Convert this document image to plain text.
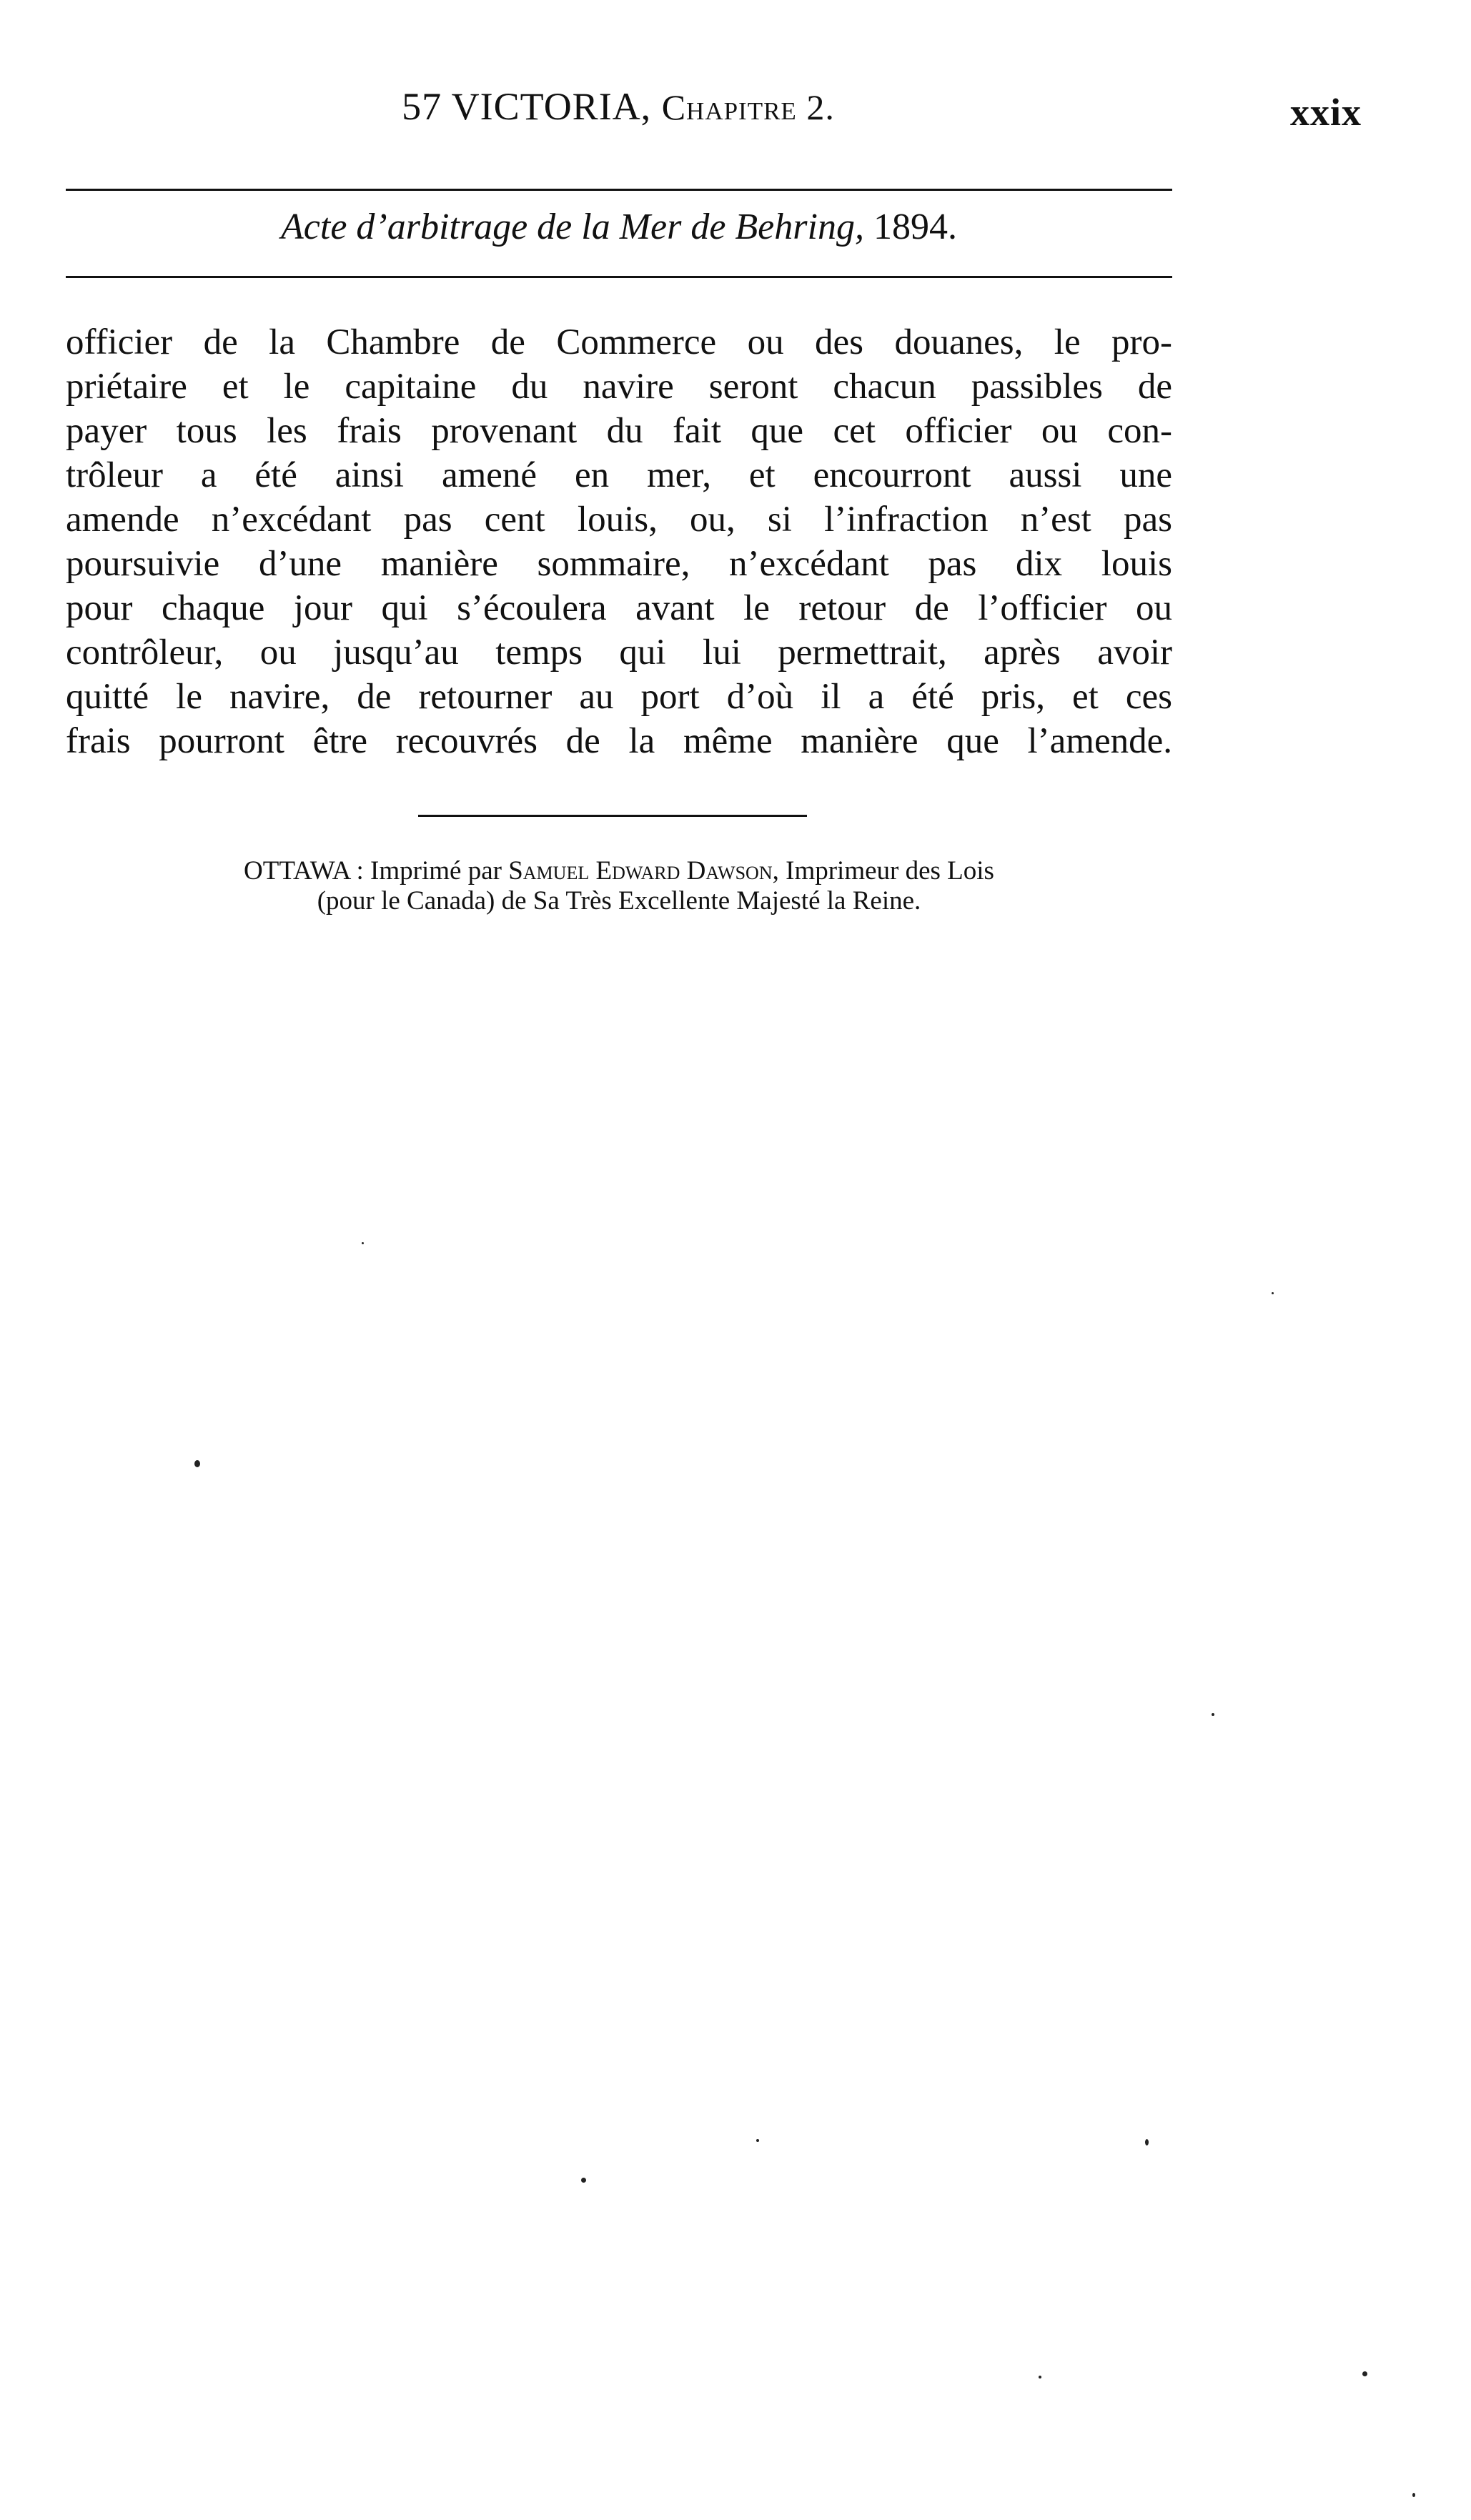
57 VICTORIA, Chapitre 2.	xxix
Acte d’arbitrage de la Mer de Behring, 1894.
officier de la Chambre de Commerce ou des douanes, le pro-
priétaire et le capitaine du navire seront chacun passibles de
payer tous les frais provenant du fait que cet officier ou con-
trôleur a été ainsi amené en mer, et encourront aussi une
amende n’excédant pas cent louis, ou, si l’infraction n’est pas
poursuivie d’une manière sommaire, n’excédant pas dix louis
pour chaque jour qui s’écoulera avant le retour de l’officier ou
contrôleur, ou jusqu’au temps qui lui permettrait, après avoir
quitté le navire, de retourner au port d’où il a été pris, et ces
frais pourront être recouvrés de la même manière que l’amende.
OTTAWA : Imprimé par Samuel Edward Dawson, Imprimeur des Lois
(pour le Canada) de Sa Très Excellente Majesté la Reine.
